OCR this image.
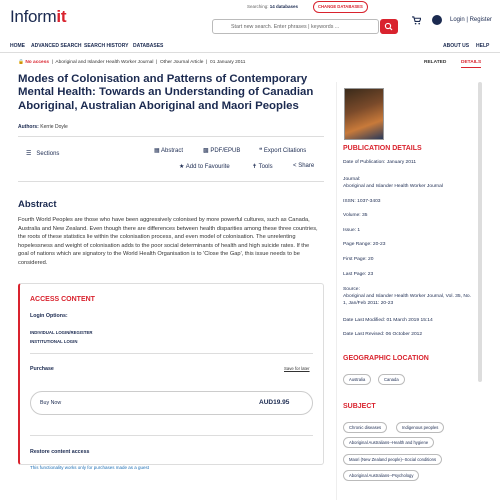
Informit
Searching: 14 databases	CHANGE DATABASES
Start new search. Enter phrases | keywords ...
Login | Register
HOME ADVANCED SEARCH SEARCH HISTORY DATABASES	ABOUT US HELP
🔒 No access  |  Aboriginal and Islander Health Worker Journal  |  Other Journal Article  |  01 January 2011	RELATED	DETAILS
Modes of Colonisation and Patterns of Contemporary Mental Health: Towards an Understanding of Canadian Aboriginal, Australian Aboriginal and Maori Peoples
Authors: Kerrie Doyle
☰ Sections	▦ Abstract	▩ PDF/EPUB	❝ Export Citations
★ Add to Favourite	✝ Tools	< Share
Abstract
Fourth World Peoples are those who have been aggressively colonised by more powerful cultures, such as Canada, Australia and New Zealand. Even though there are differences between health disparities among these three countries, the roots of these statistics lie within the colonisation process, and even model of colonisation. The unrelenting hopelessness and weight of colonisation adds to the poor social determinants of health and high suicide rates. If the goal of nations which are signatory to the World Health Organisation is to 'Close the Gap', this issue needs to be considered.
ACCESS CONTENT
Login Options:
INDIVIDUAL LOGIN/REGISTER
INSTITUTIONAL LOGIN
Purchase	Save for later
Buy Now	AUD19.95
Restore content access
This functionality works only for purchases made as a guest
PUBLICATION DETAILS
Date of Publication: January 2011
Journal:
Aboriginal and Islander Health Worker Journal
ISSN: 1037-3403
Volume: 35
Issue: 1
Page Range: 20-23
First Page: 20
Last Page: 23
Source:
Aboriginal and Islander Health Worker Journal, Vol. 35, No. 1, Jan/Feb 2011: 20-23
Date Last Modified: 01 March 2019 15:14
Date Last Revised: 06 October 2012
GEOGRAPHIC LOCATION
Australia	Canada
SUBJECT
Chronic diseases	Indigenous peoples
Aboriginal Australians--Health and hygiene
Maori (New Zealand people)--Social conditions
Aboriginal Australians--Psychology
